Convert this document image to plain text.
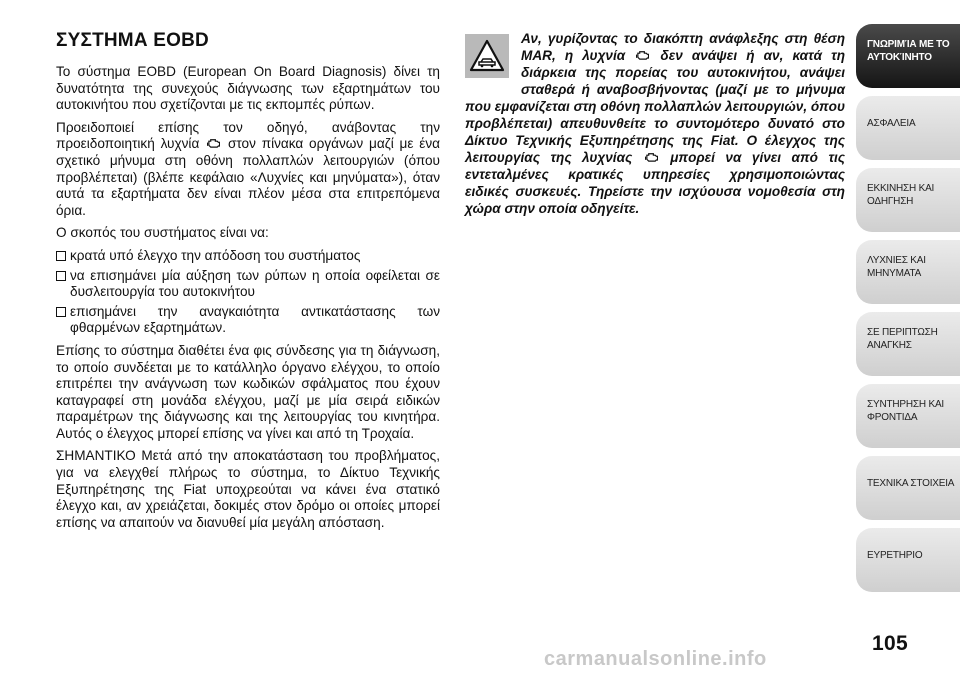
ΣΥΣΤΗΜΑ EOBD

Το σύστημα EOBD (European On Board Diagnosis) δίνει τη δυνατότητα της συνεχούς διάγνωσης των εξαρτημάτων του αυτοκινήτου που σχετίζονται με τις εκπομπές ρύπων.

Προειδοποιεί επίσης τον οδηγό, ανάβοντας την προειδοποιητική λυχνία στον πίνακα οργάνων μαζί με ένα σχετικό μήνυμα στη οθόνη πολλαπλών λειτουργιών (όπου προβλέπεται) (βλέπε κεφάλαιο «Λυχνίες και μηνύματα»), όταν αυτά τα εξαρτήματα δεν είναι πλέον μέσα στα επιτρεπόμενα όρια.

Ο σκοπός του συστήματος είναι να:

κρατά υπό έλεγχο την απόδοση του συστήματος
να επισημάνει μία αύξηση των ρύπων η οποία οφείλεται σε δυσλειτουργία του αυτοκινήτου
επισημάνει την αναγκαιότητα αντικατάστασης των φθαρμένων εξαρτημάτων.

Επίσης το σύστημα διαθέτει ένα φις σύνδεσης για τη διάγνωση, το οποίο συνδέεται με το κατάλληλο όργανο ελέγχου, το οποίο επιτρέπει την ανάγνωση των κωδικών σφάλματος που έχουν καταγραφεί στη μονάδα ελέγχου, μαζί με μία σειρά ειδικών παραμέτρων της διάγνωσης και της λειτουργίας του κινητήρα. Αυτός ο έλεγχος μπορεί επίσης να γίνει και από τη Τροχαία.

ΣΗΜΑΝΤΙΚΟ Μετά από την αποκατάσταση του προβλήματος, για να ελεγχθεί πλήρως το σύστημα, το Δίκτυο Τεχνικής Εξυπηρέτησης της Fiat υποχρεούται να κάνει ένα στατικό έλεγχο και, αν χρειάζεται, δοκιμές στον δρόμο οι οποίες μπορεί επίσης να απαιτούν να διανυθεί μία μεγάλη απόσταση.

Αν, γυρίζοντας το διακόπτη ανάφλεξης στη θέση MAR, η λυχνία	δεν ανάψει ή αν, κατά τη διάρκεια της πορείας του αυτοκινήτου, ανάψει σταθερά ή αναβοσβήνοντας (μαζί με το μήνυμα που εμφανίζεται στη οθόνη πολλαπλών λειτουργιών, όπου προβλέπεται) απευθυνθείτε το συντομότερο δυνατό στο Δίκτυο Τεχνικής Εξυπηρέτησης της Fiat. Ο έλεγχος της λειτουργίας της λυχνίας	μπορεί να γίνει από τις εντεταλμένες κρατικές υπηρεσίες χρησιμοποιώντας ειδικές συσκευές. Τηρείστε την ισχύουσα νομοθεσία στη χώρα στην οποία οδηγείτε.

ΓΝΩΡΙΜΊΑ ΜΕ ΤΟ
ΑΥΤΟΚΊΝΗΤΟ
ΑΣΦΑΛΕΙΑ
ΕΚΚΙΝΗΣΗ ΚΑΙ
ΟΔΗΓΗΣΗ
ΛΥΧΝΙΕΣ ΚΑΙ
ΜΗΝΥΜΑΤΑ
ΣΕ ΠΕΡΙΠΤΩΣΗ
ΑΝΑΓΚΗΣ
ΣΥΝΤΗΡΗΣΗ ΚΑΙ
ΦΡΟΝΤΙΔΑ
ΤΕΧΝΙΚΑ ΣΤΟΙΧΕΙΑ
ΕΥΡΕΤΗΡΙΟ
105
carmanualsonline.info
